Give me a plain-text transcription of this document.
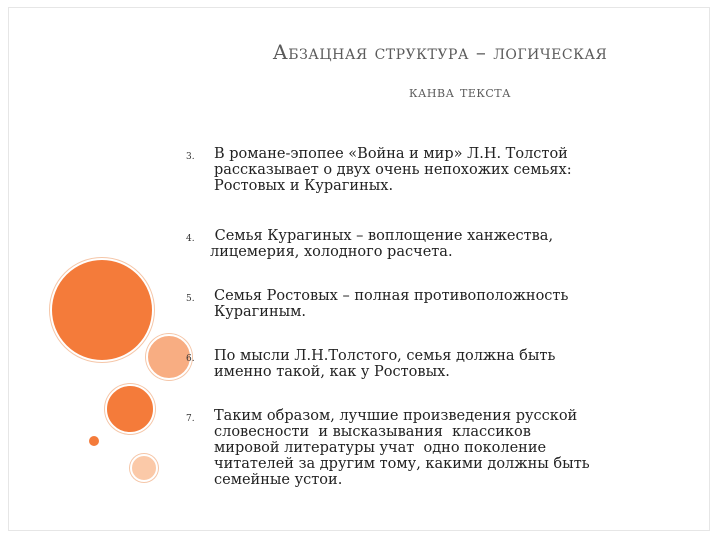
Абзацная структура – логическая
канва текста
3. В романе-эпопее «Война и мир» Л.Н. Толстой
рассказывает о двух очень непохожих семьях:
Ростовых и Курагиных.
4. Семья Курагиных – воплощение ханжества,
лицемерия, холодного расчета.
5. Семья Ростовых – полная противоположность
Курагиным.
6. По мысли Л.Н.Толстого, семья должна быть
именно такой, как у Ростовых.
7. Таким образом, лучшие произведения русской
словесности  и высказывания  классиков
мировой литературы учат  одно поколение
читателей за другим тому, какими должны быть
семейные устои.
